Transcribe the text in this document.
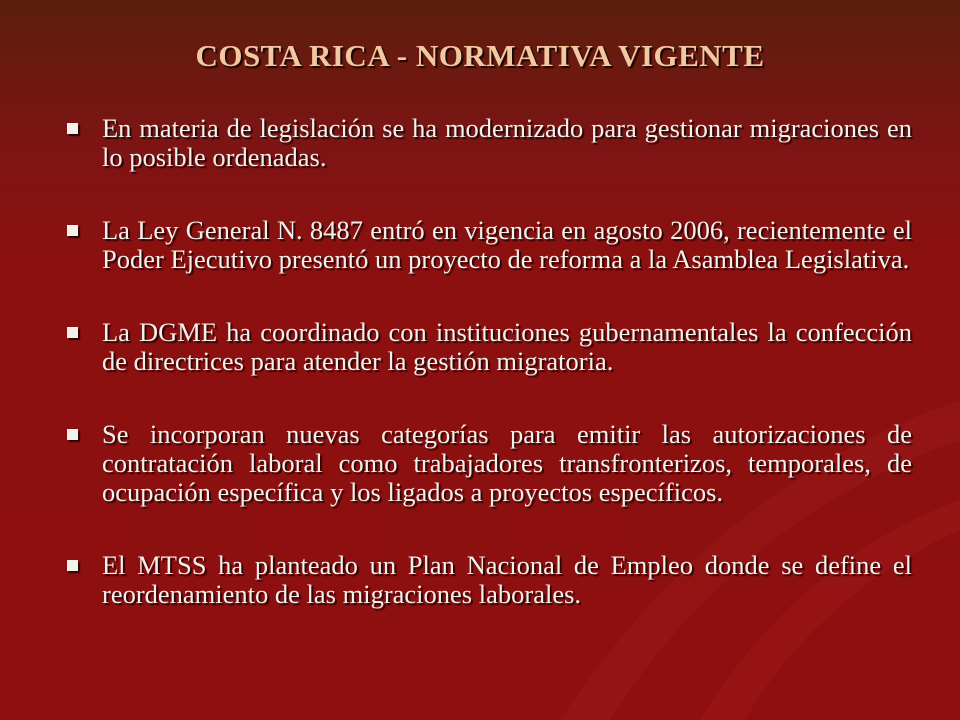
COSTA RICA - NORMATIVA VIGENTE
En materia de legislación se ha modernizado para gestionar migraciones en lo posible ordenadas.
La Ley General N. 8487 entró en vigencia en agosto 2006, recientemente el Poder Ejecutivo presentó un proyecto de reforma a la Asamblea Legislativa.
La DGME ha coordinado con instituciones gubernamentales la confección de directrices para atender la gestión migratoria.
Se incorporan nuevas categorías para emitir las autorizaciones de contratación laboral como trabajadores transfronterizos, temporales, de ocupación específica y los ligados a proyectos específicos.
El MTSS ha planteado un Plan Nacional de Empleo donde se define el reordenamiento de las migraciones laborales.
